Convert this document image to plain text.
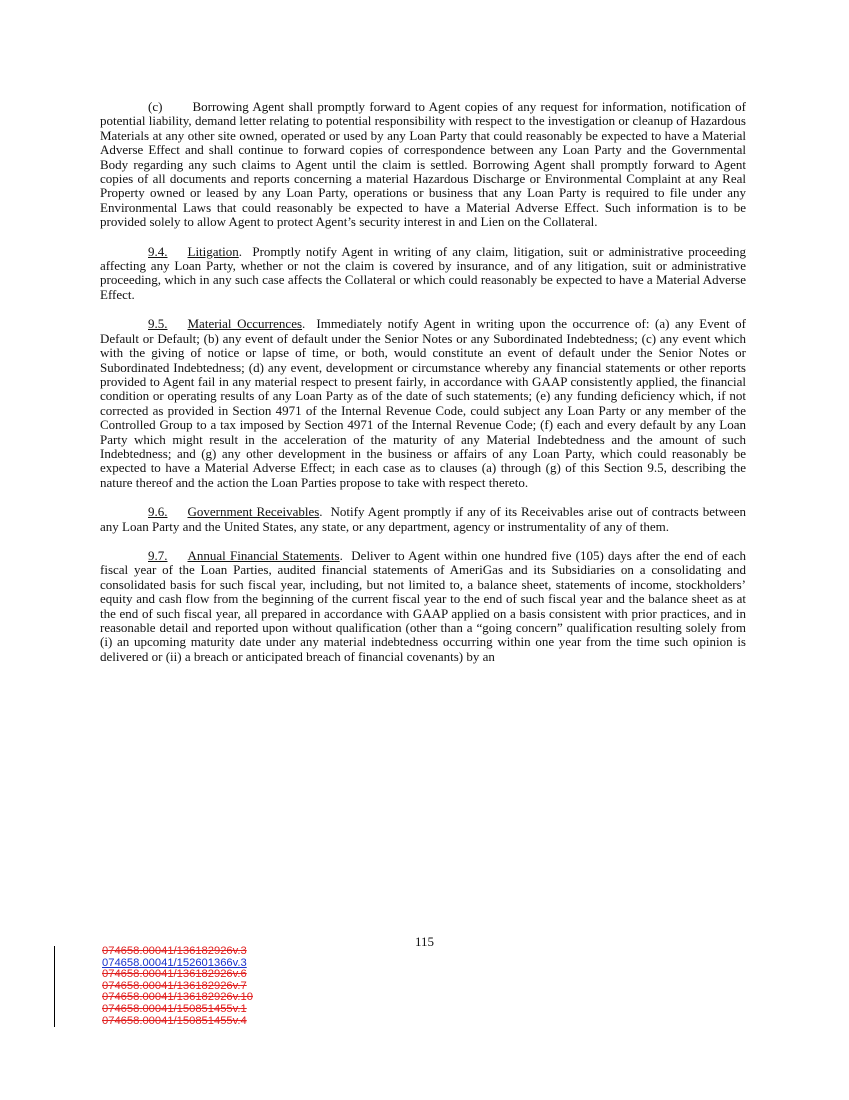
(c) Borrowing Agent shall promptly forward to Agent copies of any request for information, notification of potential liability, demand letter relating to potential responsibility with respect to the investigation or cleanup of Hazardous Materials at any other site owned, operated or used by any Loan Party that could reasonably be expected to have a Material Adverse Effect and shall continue to forward copies of correspondence between any Loan Party and the Governmental Body regarding any such claims to Agent until the claim is settled. Borrowing Agent shall promptly forward to Agent copies of all documents and reports concerning a material Hazardous Discharge or Environmental Complaint at any Real Property owned or leased by any Loan Party, operations or business that any Loan Party is required to file under any Environmental Laws that could reasonably be expected to have a Material Adverse Effect. Such information is to be provided solely to allow Agent to protect Agent’s security interest in and Lien on the Collateral.

9.4. Litigation.  Promptly notify Agent in writing of any claim, litigation, suit or administrative proceeding affecting any Loan Party, whether or not the claim is covered by insurance, and of any litigation, suit or administrative proceeding, which in any such case affects the Collateral or which could reasonably be expected to have a Material Adverse Effect.

9.5. Material Occurrences.  Immediately notify Agent in writing upon the occurrence of: (a) any Event of Default or Default; (b) any event of default under the Senior Notes or any Subordinated Indebtedness; (c) any event which with the giving of notice or lapse of time, or both, would constitute an event of default under the Senior Notes or Subordinated Indebtedness; (d) any event, development or circumstance whereby any financial statements or other reports provided to Agent fail in any material respect to present fairly, in accordance with GAAP consistently applied, the financial condition or operating results of any Loan Party as of the date of such statements; (e) any funding deficiency which, if not corrected as provided in Section 4971 of the Internal Revenue Code, could subject any Loan Party or any member of the Controlled Group to a tax imposed by Section 4971 of the Internal Revenue Code; (f) each and every default by any Loan Party which might result in the acceleration of the maturity of any Material Indebtedness and the amount of such Indebtedness; and (g) any other development in the business or affairs of any Loan Party, which could reasonably be expected to have a Material Adverse Effect; in each case as to clauses (a) through (g) of this Section 9.5, describing the nature thereof and the action the Loan Parties propose to take with respect thereto.

9.6. Government Receivables.  Notify Agent promptly if any of its Receivables arise out of contracts between any Loan Party and the United States, any state, or any department, agency or instrumentality of any of them.

9.7. Annual Financial Statements.  Deliver to Agent within one hundred five (105) days after the end of each fiscal year of the Loan Parties, audited financial statements of AmeriGas and its Subsidiaries on a consolidating and consolidated basis for such fiscal year, including, but not limited to, a balance sheet, statements of income, stockholders’ equity and cash flow from the beginning of the current fiscal year to the end of such fiscal year and the balance sheet as at the end of such fiscal year, all prepared in accordance with GAAP applied on a basis consistent with prior practices, and in reasonable detail and reported upon without qualification (other than a “going concern” qualification resulting solely from (i) an upcoming maturity date under any material indebtedness occurring within one year from the time such opinion is delivered or (ii) a breach or anticipated breach of financial covenants) by an

115
074658.00041/136182926v.3
074658.00041/152601366v.3
074658.00041/136182926v.6
074658.00041/136182926v.7
074658.00041/136182926v.10
074658.00041/150851455v.1
074658.00041/150851455v.4
